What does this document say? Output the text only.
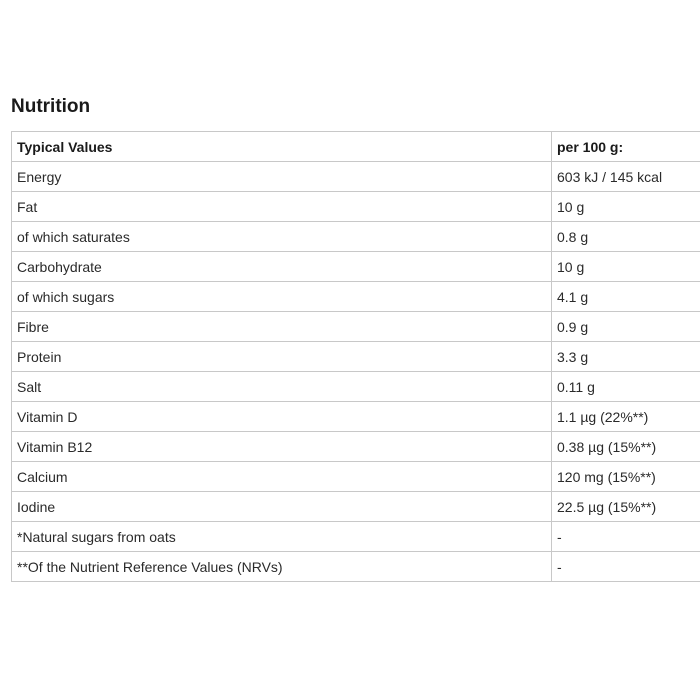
Nutrition
Typical Values	per 100 g:
Energy	603 kJ / 145 kcal
Fat	10 g
of which saturates	0.8 g
Carbohydrate	10 g
of which sugars	4.1 g
Fibre	0.9 g
Protein	3.3 g
Salt	0.11 g
Vitamin D	1.1 µg (22%**)
Vitamin B12	0.38 µg (15%**)
Calcium	120 mg (15%**)
Iodine	22.5 µg (15%**)
*Natural sugars from oats	-
**Of the Nutrient Reference Values (NRVs)	-
